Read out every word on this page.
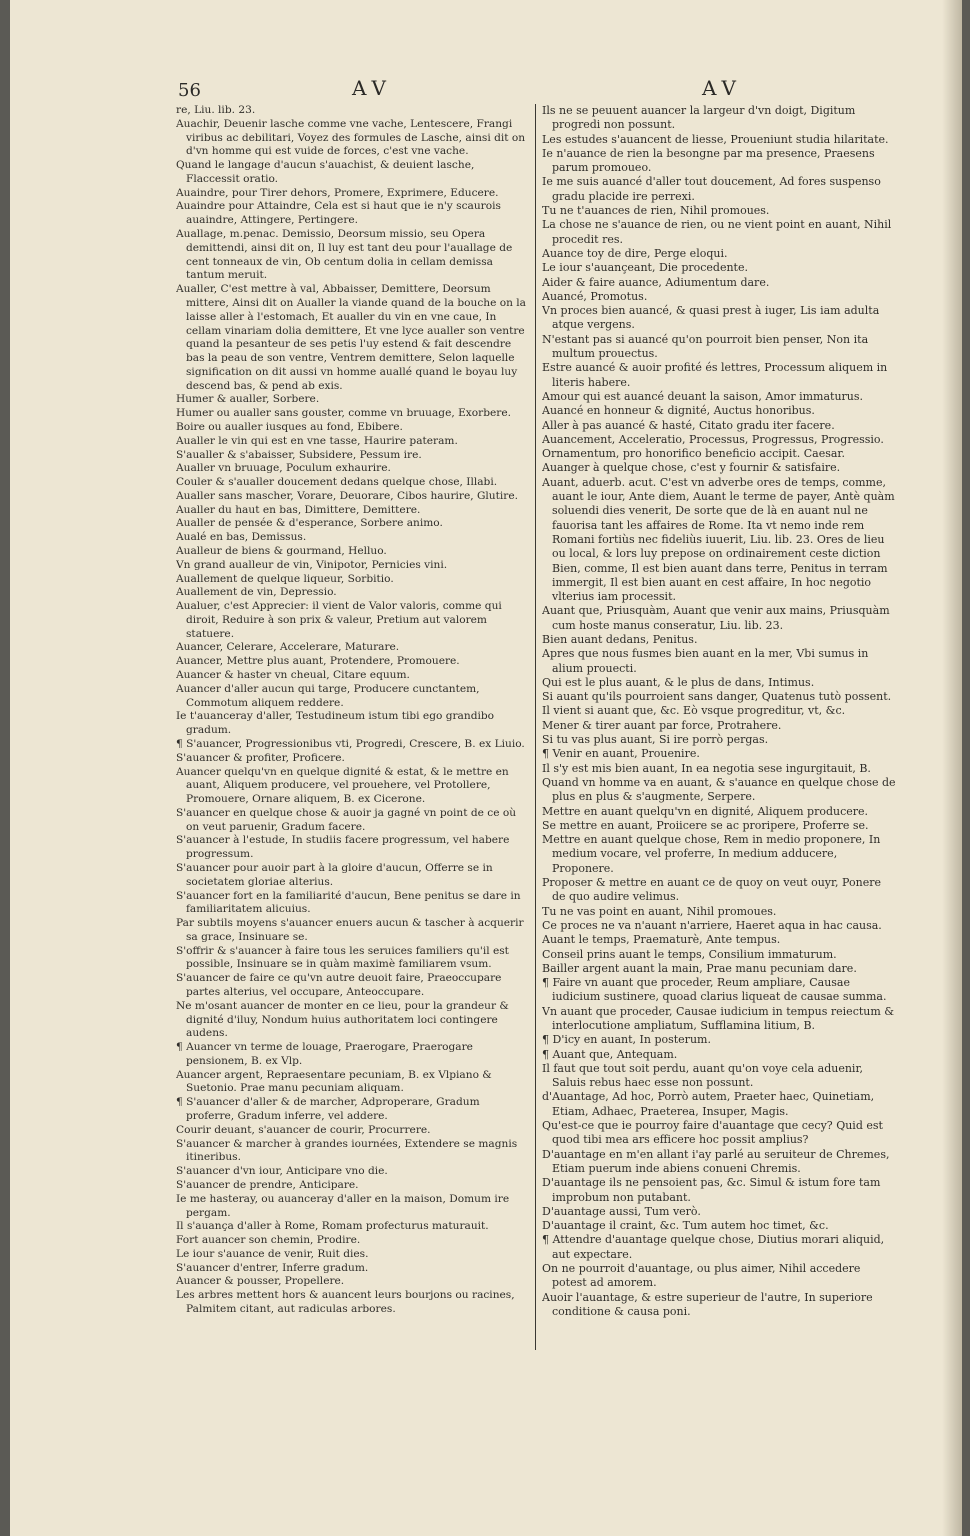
56	AV	AV

re, Liu. lib. 23.

Auachir, Deuenir lasche comme vne vache, Lentescere, Frangi viribus ac debilitari, Voyez des formules de Lasche, ainsi dit on d'vn homme qui est vuide de forces, c'est vne vache.

Quand le langage d'aucun s'auachist, & deuient lasche, Flaccessit oratio.

Auaindre, pour Tirer dehors, Promere, Exprimere, Educere.

Auaindre pour Attaindre, Cela est si haut que ie n'y scaurois auaindre, Attingere, Pertingere.

Auallage, m.penac. Demissio, Deorsum missio, seu Opera demittendi, ainsi dit on, Il luy est tant deu pour l'auallage de cent tonneaux de vin, Ob centum dolia in cellam demissa tantum meruit.

Aualler, C'est mettre à val, Abbaisser, Demittere, Deorsum mittere, Ainsi dit on Aualler la viande quand de la bouche on la laisse aller à l'estomach, Et aualler du vin en vne caue, In cellam vinariam dolia demittere, Et vne lyce aualler son ventre quand la pesanteur de ses petis l'uy estend & fait descendre bas la peau de son ventre, Ventrem demittere, Selon laquelle signification on dit aussi vn homme auallé quand le boyau luy descend bas, & pend ab exis.

Humer & aualler, Sorbere.

Humer ou aualler sans gouster, comme vn bruuage, Exorbere.

Boire ou aualler iusques au fond, Ebibere.

Aualler le vin qui est en vne tasse, Haurire pateram.

S'aualler & s'abaisser, Subsidere, Pessum ire.

Aualler vn bruuage, Poculum exhaurire.

Couler & s'aualler doucement dedans quelque chose, Illabi.

Aualler sans mascher, Vorare, Deuorare, Cibos haurire, Glutire.

Aualler du haut en bas, Dimittere, Demittere.

Aualler de pensée & d'esperance, Sorbere animo.

Aualé en bas, Demissus.

Aualleur de biens & gourmand, Helluo.

Vn grand aualleur de vin, Vinipotor, Pernicies vini.

Auallement de quelque liqueur, Sorbitio.

Auallement de vin, Depressio.

Aualuer, c'est Apprecier: il vient de Valor valoris, comme qui diroit, Reduire à son prix & valeur, Pretium aut valorem statuere.

Auancer, Celerare, Accelerare, Maturare.

Auancer, Mettre plus auant, Protendere, Promouere.

Auancer & haster vn cheual, Citare equum.

Auancer d'aller aucun qui targe, Producere cunctantem, Commotum aliquem reddere.

Ie t'auanceray d'aller, Testudineum istum tibi ego grandibo gradum.

¶ S'auancer, Progressionibus vti, Progredi, Crescere, B. ex Liuio.

S'auancer & profiter, Proficere.

Auancer quelqu'vn en quelque dignité & estat, & le mettre en auant, Aliquem producere, vel prouehere, vel Protollere, Promouere, Ornare aliquem, B. ex Cicerone.

S'auancer en quelque chose & auoir ja gagné vn point de ce où on veut paruenir, Gradum facere.

S'auancer à l'estude, In studiis facere progressum, vel habere progressum.

S'auancer pour auoir part à la gloire d'aucun, Offerre se in societatem gloriae alterius.

S'auancer fort en la familiarité d'aucun, Bene penitus se dare in familiaritatem alicuius.

Par subtils moyens s'auancer enuers aucun & tascher à acquerir sa grace, Insinuare se.

S'offrir & s'auancer à faire tous les seruices familiers qu'il est possible, Insinuare se in quàm maximè familiarem vsum.

S'auancer de faire ce qu'vn autre deuoit faire, Praeoccupare partes alterius, vel occupare, Anteoccupare.

Ne m'osant auancer de monter en ce lieu, pour la grandeur & dignité d'iluy, Nondum huius authoritatem loci contingere audens.

¶ Auancer vn terme de louage, Praerogare, Praerogare pensionem, B. ex Vlp.

Auancer argent, Repraesentare pecuniam, B. ex Vlpiano & Suetonio. Prae manu pecuniam aliquam.

¶ S'auancer d'aller & de marcher, Adproperare, Gradum proferre, Gradum inferre, vel addere.

Courir deuant, s'auancer de courir, Procurrere.

S'auancer & marcher à grandes iournées, Extendere se magnis itineribus.

S'auancer d'vn iour, Anticipare vno die.

S'auancer de prendre, Anticipare.

Ie me hasteray, ou auanceray d'aller en la maison, Domum ire pergam.

Il s'auança d'aller à Rome, Romam profecturus maturauit.

Fort auancer son chemin, Prodire.

Le iour s'auance de venir, Ruit dies.

S'auancer d'entrer, Inferre gradum.

Auancer & pousser, Propellere.

Les arbres mettent hors & auancent leurs bourjons ou racines, Palmitem citant, aut radiculas arbores.

Ils ne se peuuent auancer la largeur d'vn doigt, Digitum progredi non possunt.

Les estudes s'auancent de liesse, Proueniunt studia hilaritate.

Ie n'auance de rien la besongne par ma presence, Praesens parum promoueo.

Ie me suis auancé d'aller tout doucement, Ad fores suspenso gradu placide ire perrexi.

Tu ne t'auances de rien, Nihil promoues.

La chose ne s'auance de rien, ou ne vient point en auant, Nihil procedit res.

Auance toy de dire, Perge eloqui.

Le iour s'auançeant, Die procedente.

Aider & faire auance, Adiumentum dare.

Auancé, Promotus.

Vn proces bien auancé, & quasi prest à iuger, Lis iam adulta atque vergens.

N'estant pas si auancé qu'on pourroit bien penser, Non ita multum prouectus.

Estre auancé & auoir profité és lettres, Processum aliquem in literis habere.

Amour qui est auancé deuant la saison, Amor immaturus.

Auancé en honneur & dignité, Auctus honoribus.

Aller à pas auancé & hasté, Citato gradu iter facere.

Auancement, Acceleratio, Processus, Progressus, Progressio.

Ornamentum, pro honorifico beneficio accipit. Caesar.

Auanger à quelque chose, c'est y fournir & satisfaire.

Auant, aduerb. acut. C'est vn adverbe ores de temps, comme, auant le iour, Ante diem, Auant le terme de payer, Antè quàm soluendi dies venerit, De sorte que de là en auant nul ne fauorisa tant les affaires de Rome. Ita vt nemo inde rem Romani fortiùs nec fideliùs iuuerit, Liu. lib. 23. Ores de lieu ou local, & lors luy prepose on ordinairement ceste diction Bien, comme, Il est bien auant dans terre, Penitus in terram immergit, Il est bien auant en cest affaire, In hoc negotio vlterius iam processit.

Auant que, Priusquàm, Auant que venir aux mains, Priusquàm cum hoste manus conseratur, Liu. lib. 23.

Bien auant dedans, Penitus.

Apres que nous fusmes bien auant en la mer, Vbi sumus in alium prouecti.

Qui est le plus auant, & le plus de dans, Intimus.

Si auant qu'ils pourroient sans danger, Quatenus tutò possent.

Il vient si auant que, &c. Eò vsque progreditur, vt, &c.

Mener & tirer auant par force, Protrahere.

Si tu vas plus auant, Si ire porrò pergas.

¶ Venir en auant, Prouenire.

Il s'y est mis bien auant, In ea negotia sese ingurgitauit, B.

Quand vn homme va en auant, & s'auance en quelque chose de plus en plus & s'augmente, Serpere.

Mettre en auant quelqu'vn en dignité, Aliquem producere.

Se mettre en auant, Proiicere se ac proripere, Proferre se.

Mettre en auant quelque chose, Rem in medio proponere, In medium vocare, vel proferre, In medium adducere, Proponere.

Proposer & mettre en auant ce de quoy on veut ouyr, Ponere de quo audire velimus.

Tu ne vas point en auant, Nihil promoues.

Ce proces ne va n'auant n'arriere, Haeret aqua in hac causa.

Auant le temps, Praematurè, Ante tempus.

Conseil prins auant le temps, Consilium immaturum.

Bailler argent auant la main, Prae manu pecuniam dare.

¶ Faire vn auant que proceder, Reum ampliare, Causae iudicium sustinere, quoad clarius liqueat de causae summa.

Vn auant que proceder, Causae iudicium in tempus reiectum & interlocutione ampliatum, Sufflamina litium, B.

¶ D'icy en auant, In posterum.

¶ Auant que, Antequam.

Il faut que tout soit perdu, auant qu'on voye cela aduenir, Saluis rebus haec esse non possunt.

d'Auantage, Ad hoc, Porrò autem, Praeter haec, Quinetiam, Etiam, Adhaec, Praeterea, Insuper, Magis.

Qu'est-ce que ie pourroy faire d'auantage que cecy? Quid est quod tibi mea ars efficere hoc possit amplius?

D'auantage en m'en allant i'ay parlé au seruiteur de Chremes, Etiam puerum inde abiens conueni Chremis.

D'auantage ils ne pensoient pas, &c. Simul & istum fore tam improbum non putabant.

D'auantage aussi, Tum verò.

D'auantage il craint, &c. Tum autem hoc timet, &c.

¶ Attendre d'auantage quelque chose, Diutius morari aliquid, aut expectare.

On ne pourroit d'auantage, ou plus aimer, Nihil accedere potest ad amorem.

Auoir l'auantage, & estre superieur de l'autre, In superiore conditione & causa poni.
